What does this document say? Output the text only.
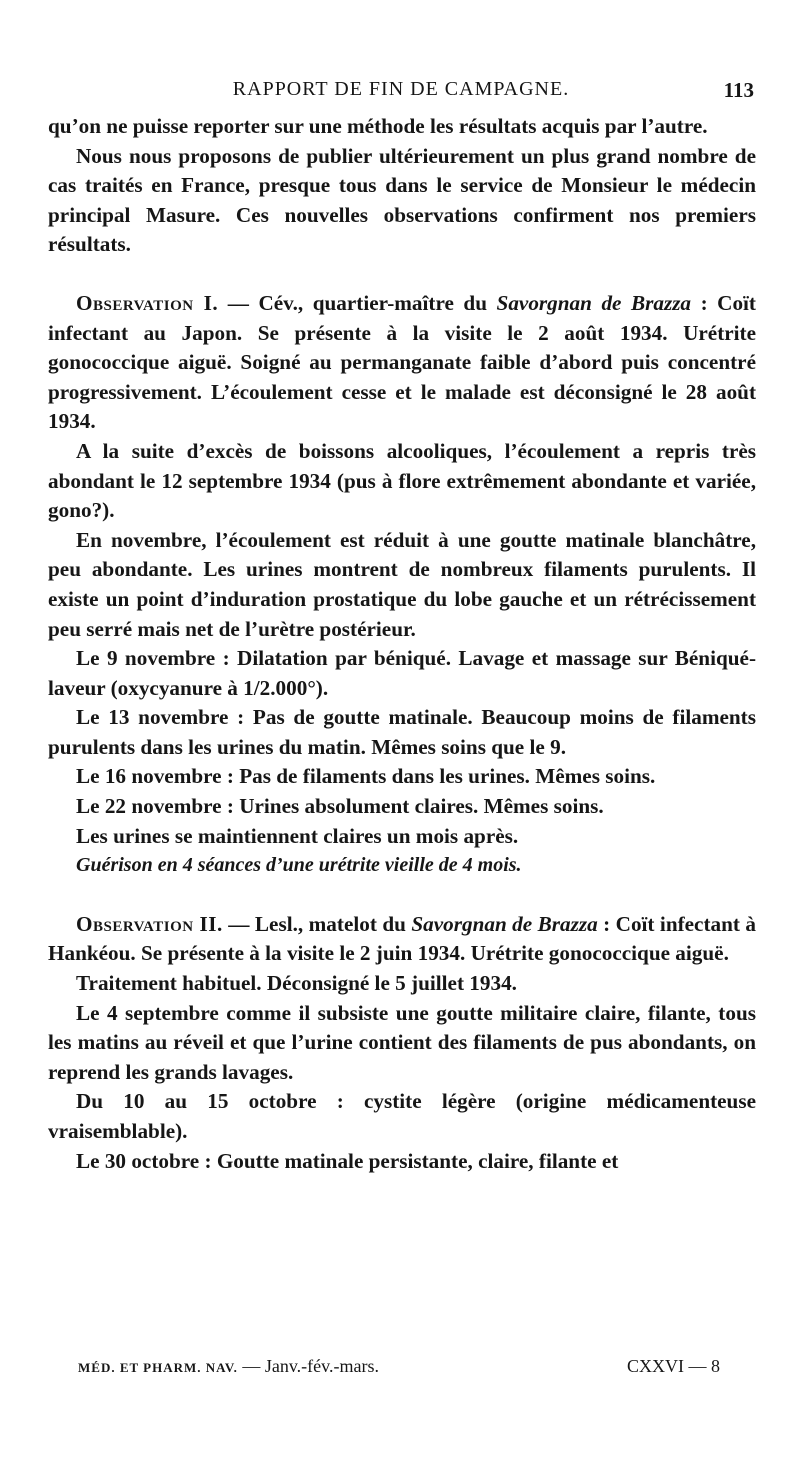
RAPPORT DE FIN DE CAMPAGNE.	113

qu’on ne puisse reporter sur une méthode les résultats acquis par l’autre.

Nous nous proposons de publier ultérieurement un plus grand nombre de cas traités en France, presque tous dans le service de Monsieur le médecin principal Masure. Ces nouvelles observations confirment nos premiers résultats.

Observation I. — Cév., quartier-maître du Savorgnan de Brazza : Coït infectant au Japon. Se présente à la visite le 2 août 1934. Urétrite gonococcique aiguë. Soigné au permanganate faible d’abord puis concentré progressivement. L’écoulement cesse et le malade est déconsigné le 28 août 1934.

A la suite d’excès de boissons alcooliques, l’écoulement a repris très abondant le 12 septembre 1934 (pus à flore extrêmement abondante et variée, gono?).

En novembre, l’écoulement est réduit à une goutte matinale blanchâtre, peu abondante. Les urines montrent de nombreux filaments purulents. Il existe un point d’induration prostatique du lobe gauche et un rétrécissement peu serré mais net de l’urètre postérieur.

Le 9 novembre : Dilatation par béniqué. Lavage et massage sur Béniqué-laveur (oxycyanure à 1/2.000°).

Le 13 novembre : Pas de goutte matinale. Beaucoup moins de filaments purulents dans les urines du matin. Mêmes soins que le 9.

Le 16 novembre : Pas de filaments dans les urines. Mêmes soins.

Le 22 novembre : Urines absolument claires. Mêmes soins.

Les urines se maintiennent claires un mois après.

Guérison en 4 séances d’une urétrite vieille de 4 mois.

Observation II. — Lesl., matelot du Savorgnan de Brazza : Coït infectant à Hankéou. Se présente à la visite le 2 juin 1934. Urétrite gonococcique aiguë.

Traitement habituel. Déconsigné le 5 juillet 1934.

Le 4 septembre comme il subsiste une goutte militaire claire, filante, tous les matins au réveil et que l’urine contient des filaments de pus abondants, on reprend les grands lavages.

Du 10 au 15 octobre : cystite légère (origine médicamenteuse vraisemblable).

Le 30 octobre : Goutte matinale persistante, claire, filante et

MÉD. ET PHARM. NAV. — Janv.-fév.-mars.	CXXVI — 8
